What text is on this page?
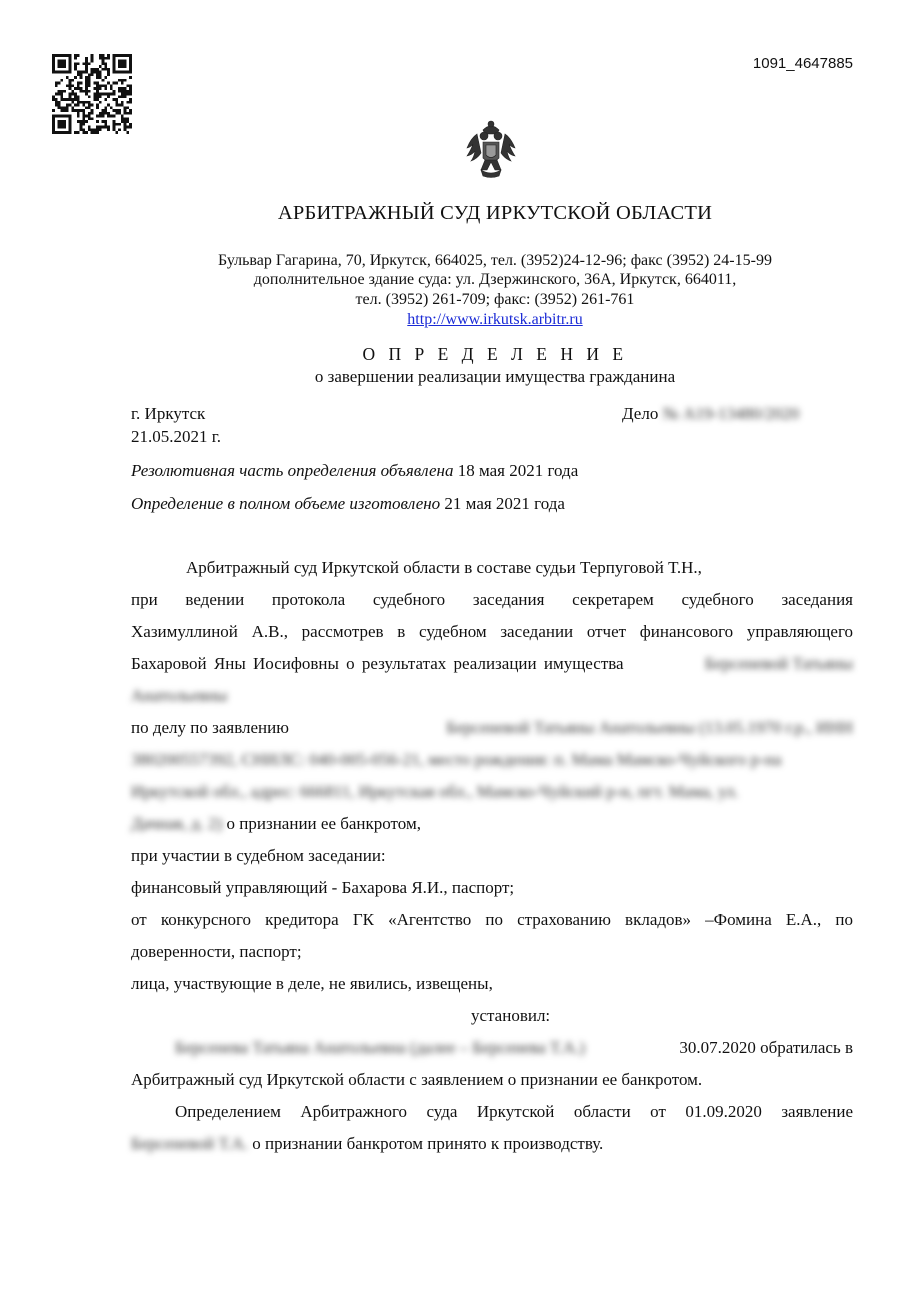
1091_4647885
АРБИТРАЖНЫЙ СУД ИРКУТСКОЙ ОБЛАСТИ
Бульвар Гагарина, 70, Иркутск, 664025, тел. (3952)24-12-96; факс (3952) 24-15-99
дополнительное здание суда: ул. Дзержинского, 36А, Иркутск, 664011,
тел. (3952) 261-709; факс: (3952) 261-761
http://www.irkutsk.arbitr.ru
О П Р Е Д Е Л Е Н И Е
о завершении реализации имущества гражданина
г. Иркутск
21.05.2021 г.
Дело № А19-13480/2020
Резолютивная часть определения объявлена 18 мая 2021 года
Определение в полном объеме изготовлено 21 мая 2021 года
Арбитражный суд Иркутской области в составе судьи Терпуговой Т.Н.,
при ведении протокола судебного заседания секретарем судебного заседания
Хазимуллиной А.В., рассмотрев в судебном заседании отчет финансового управляющего
Бахаровой Яны Иосифовны о результатах реализации имущества	Берсеневой Татьяны
Анатольевны
по делу по заявлению	Берсеневой Татьяны Анатольевны (13.05.1970 г.р., ИНН
380200557392, СНИЛС: 040-005-056-21, место рождения: п. Мама Мамско-Чуйского р-на
Иркутской обл., адрес: 666811, Иркутская обл., Мамско-Чуйский р-н, пгт. Мама, ул.
Дачная, д. 2) о признании ее банкротом,
при участии в судебном заседании:
финансовый управляющий - Бахарова Я.И., паспорт;
от конкурсного кредитора ГК «Агентство по страхованию вкладов» –Фомина Е.А., по
доверенности, паспорт;
лица, участвующие в деле, не явились, извещены,
установил:
Берсенева Татьяна Анатольевна (далее – Берсенева Т.А.)	30.07.2020 обратилась в
Арбитражный суд Иркутской области с заявлением о признании ее банкротом.
Определением Арбитражного суда Иркутской области от 01.09.2020 заявление
Берсеневой Т.А. о признании банкротом принято к производству.
